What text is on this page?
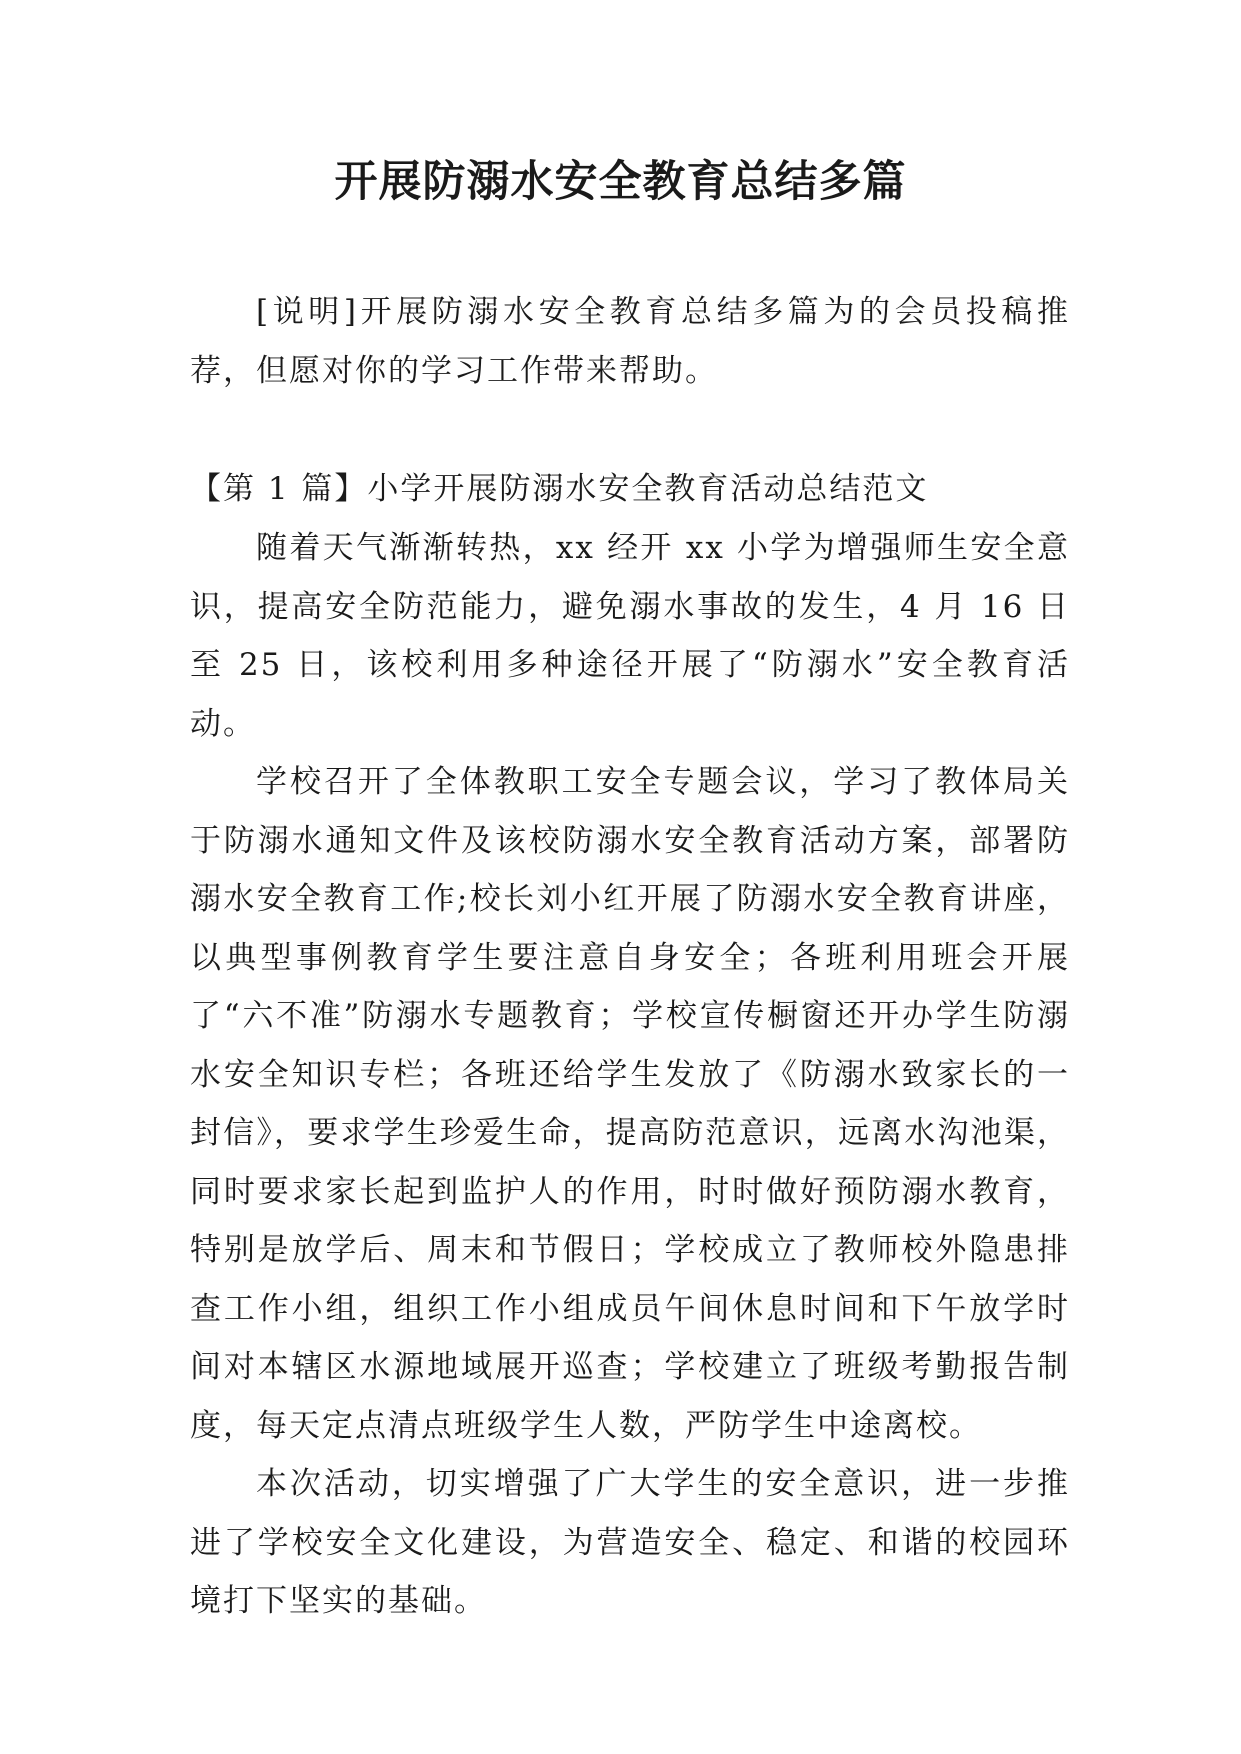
开展防溺水安全教育总结多篇

[说明]开展防溺水安全教育总结多篇为的会员投稿推荐，但愿对你的学习工作带来帮助。

【第 1 篇】小学开展防溺水安全教育活动总结范文

随着天气渐渐转热，xx 经开 xx 小学为增强师生安全意识，提高安全防范能力，避免溺水事故的发生，4 月 16 日至 25 日，该校利用多种途径开展了“防溺水”安全教育活动。

学校召开了全体教职工安全专题会议，学习了教体局关于防溺水通知文件及该校防溺水安全教育活动方案，部署防溺水安全教育工作;校长刘小红开展了防溺水安全教育讲座，以典型事例教育学生要注意自身安全；各班利用班会开展了“六不准”防溺水专题教育；学校宣传橱窗还开办学生防溺水安全知识专栏；各班还给学生发放了《防溺水致家长的一封信》，要求学生珍爱生命，提高防范意识，远离水沟池渠，同时要求家长起到监护人的作用，时时做好预防溺水教育，特别是放学后、周末和节假日；学校成立了教师校外隐患排查工作小组，组织工作小组成员午间休息时间和下午放学时间对本辖区水源地域展开巡查；学校建立了班级考勤报告制度，每天定点清点班级学生人数，严防学生中途离校。

本次活动，切实增强了广大学生的安全意识，进一步推进了学校安全文化建设，为营造安全、稳定、和谐的校园环境打下坚实的基础。
